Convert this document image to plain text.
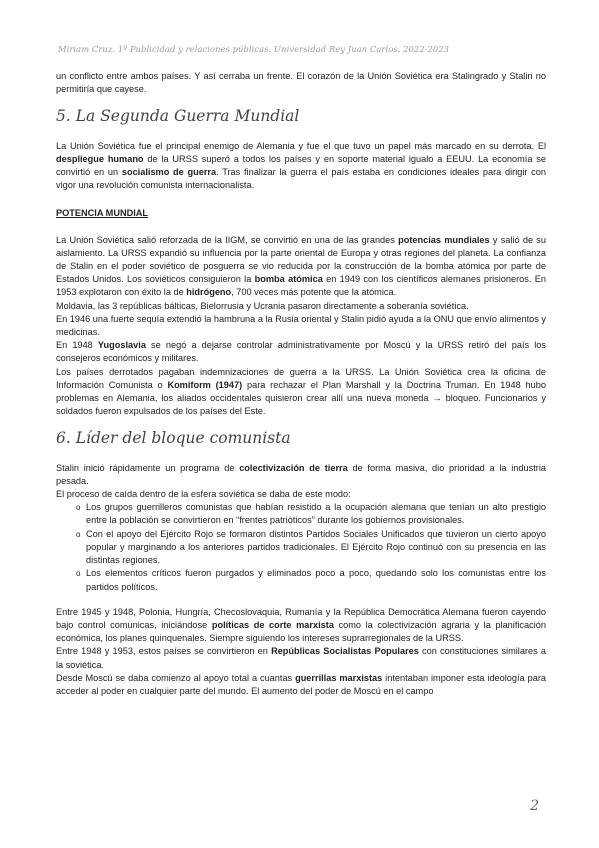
Miriam Cruz. 1º Publicidad y relaciones públicas. Universidad Rey Juan Carlos. 2022-2023

un conflicto entre ambos países. Y así cerraba un frente. El corazón de la Unión Soviética era Stalingrado y Stalin no permitiría que cayese.

5. La Segunda Guerra Mundial

La Unión Soviética fue el principal enemigo de Alemania y fue el que tuvo un papel más marcado en su derrota. El despliegue humano de la URSS superó a todos los países y en soporte material igualo a EEUU. La economía se convirtió en un socialismo de guerra. Tras finalizar la guerra el país estaba en condiciones ideales para dirigir con vigor una revolución comunista internacionalista.

POTENCIA MUNDIAL

La Unión Soviética salió reforzada de la IIGM, se convirtió en una de las grandes potencias mundiales y salió de su aislamiento. La URSS expandió su influencia por la parte oriental de Europa y otras regiones del planeta. La confianza de Stalin en el poder soviético de posguerra se vio reducida por la construcción de la bomba atómica por parte de Estados Unidos. Los soviéticos consiguieron la bomba atómica en 1949 con los científicos alemanes prisioneros. En 1953 explotaron con éxito la de hidrógeno, 700 veces más potente que la atómica.

Moldavia, las 3 repúblicas bálticas, Bielorrusia y Ucrania pasaron directamente a soberanía soviética.

En 1946 una fuerte sequía extendió la hambruna a la Rusia oriental y Stalin pidió ayuda a la ONU que envío alimentos y medicinas.

En 1948 Yugoslavia se negó a dejarse controlar administrativamente por Moscú y la URSS retiró del país los consejeros económicos y militares.

Los países derrotados pagaban indemnizaciones de guerra a la URSS. La Unión Soviética crea la oficina de Información Comunista o Komiform (1947) para rechazar el Plan Marshall y la Doctrina Truman. En 1948 hubo problemas en Alemania, los aliados occidentales quisieron crear allí una nueva moneda → bloqueo. Funcionarios y soldados fueron expulsados de los países del Este.

6. Líder del bloque comunista

Stalin inició rápidamente un programa de colectivización de tierra de forma masiva, dio prioridad a la industria pesada.

El proceso de caída dentro de la esfera soviética se daba de este modo:

o Los grupos guerrilleros comunistas que habían resistido a la ocupación alemana que tenían un alto prestigio entre la población se convirtieron en “frentes patrióticos” durante los gobiernos provisionales.
o Con el apoyo del Ejército Rojo se formaron distintos Partidos Sociales Unificados que tuvieron un cierto apoyo popular y marginando a los anteriores partidos tradicionales. El Ejército Rojo continuó con su presencia en las distintas regiones.
o Los elementos críticos fueron purgados y eliminados poco a poco, quedando solo los comunistas entre los partidos políticos.

Entre 1945 y 1948, Polonia, Hungría, Checoslovaquia, Rumanía y la República Democrática Alemana fueron cayendo bajo control comunicas, iniciándose políticas de corte marxista como la colectivización agraria y la planificación económica, los planes quinquenales. Siempre siguiendo los intereses suprarregionales de la URSS.

Entre 1948 y 1953, estos países se convirtieron en Repúblicas Socialistas Populares con constituciones similares a la soviética.

Desde Moscú se daba comienzo al apoyo total a cuantas guerrillas marxistas intentaban imponer esta ideología para acceder al poder en cualquier parte del mundo. El aumento del poder de Moscú en el campo

2
